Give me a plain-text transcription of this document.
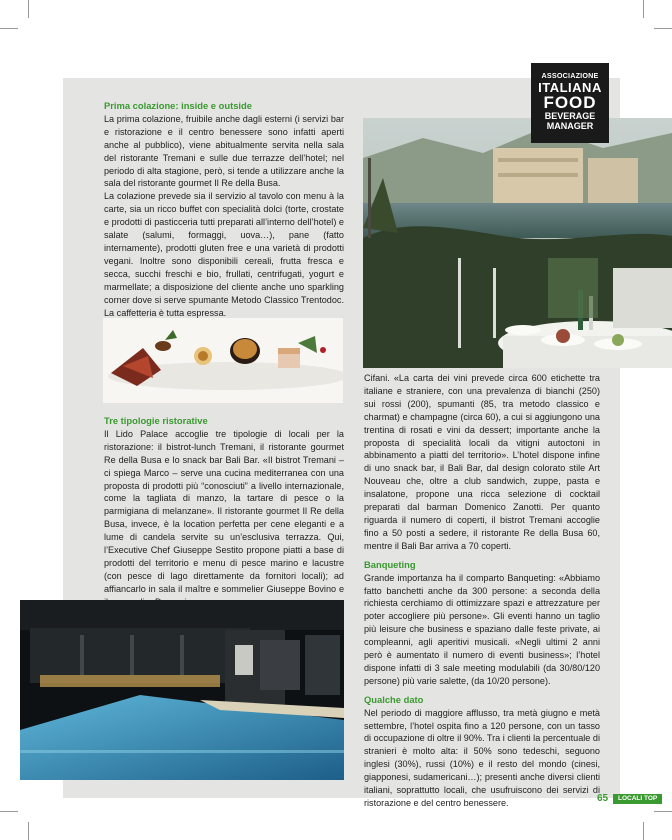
ASSOCIAZIONE
ITALIANA
FOOD
BEVERAGE
MANAGER

Prima colazione: inside e outside

La prima colazione, fruibile anche dagli esterni (i servizi bar e ristorazione e il centro benessere sono infatti aperti anche al pubblico), viene abitualmente servita nella sala del ristorante Tremani e sulle due terrazze dell’hotel; nel periodo di alta stagione, però, si tende a utilizzare anche la sala del ristorante gourmet Il Re della Busa.

La colazione prevede sia il servizio al tavolo con menu à la carte, sia un ricco buffet con specialità dolci (torte, crostate e prodotti di pasticceria tutti preparati all’interno dell’hotel) e salate (salumi, formaggi, uova…), pane (fatto internamente), prodotti gluten free e una varietà di prodotti vegani. Inoltre sono disponibili cereali, frutta fresca e secca, succhi freschi e bio, frullati, centrifugati, yogurt e marmellate; a disposizione del cliente anche uno sparkling corner dove si serve spumante Metodo Classico Trentodoc. La caffetteria è tutta espressa.

Tre tipologie ristorative

Il Lido Palace accoglie tre tipologie di locali per la ristorazione: il bistrot-lunch Tremani, il ristorante gourmet Re della Busa e lo snack bar Bali Bar. «Il bistrot Tremani – ci spiega Marco – serve una cucina mediterranea con una proposta di prodotti più “conosciuti” a livello internazionale, come la tagliata di manzo, la tartare di pesce o la parmigiana di melanzane». Il ristorante gourmet Il Re della Busa, invece, è la location perfetta per cene eleganti e a lume di candela servite su un’esclusiva terrazza. Qui, l’Executive Chef Giuseppe Sestito propone piatti a base di prodotti del territorio e menu di pesce marino e lacustre (con pesce di lago direttamente da fornitori locali); ad affiancarlo in sala il maître e sommelier Giuseppe Bovino e

Cifani. «La carta dei vini prevede circa 600 etichette tra italiane e straniere, con una prevalenza di bianchi (250) sui rossi (200), spumanti (85, tra metodo classico e charmat) e champagne (circa 60), a cui si aggiungono una trentina di rosati e vini da dessert; importante anche la proposta di specialità locali da vitigni autoctoni in abbinamento a piatti del territorio». L’hotel dispone infine di uno snack bar, il Bali Bar, dal design colorato stile Art Nouveau che, oltre a club sandwich, zuppe, pasta e insalatone, propone una ricca selezione di cocktail preparati dal barman Domenico Zanotti. Per quanto riguarda il numero di coperti, il bistrot Tremani accoglie fino a 50 posti a sedere, il ristorante Re della Busa 60, mentre il Bali Bar arriva a 70 coperti.

Banqueting

Grande importanza ha il comparto Banqueting: «Abbiamo fatto banchetti anche da 300 persone: a seconda della richiesta cerchiamo di ottimizzare spazi e attrezzature per poter accogliere più persone». Gli eventi hanno un taglio più leisure che business e spaziano dalle feste private, ai compleanni, agli aperitivi musicali. «Negli ultimi 2 anni però è aumentato il numero di eventi business»; l’hotel dispone infatti di 3 sale meeting modulabili (da 30/80/120 persone) più varie salette, (da 10/20 persone).

Qualche dato

Nel periodo di maggiore afflusso, tra metà giugno e metà settembre, l’hotel ospita fino a 120 persone, con un tasso di occupazione di oltre il 90%. Tra i clienti la percentuale di stranieri è molto alta: il 50% sono tedeschi, seguono inglesi (30%), russi (10%) e il resto del mondo (cinesi, giapponesi, sudamericani…); presenti anche diversi clienti italiani, soprattutto locali, che usufruiscono dei servizi di ristorazione e del centro benessere.	65	LOCALI TOP
